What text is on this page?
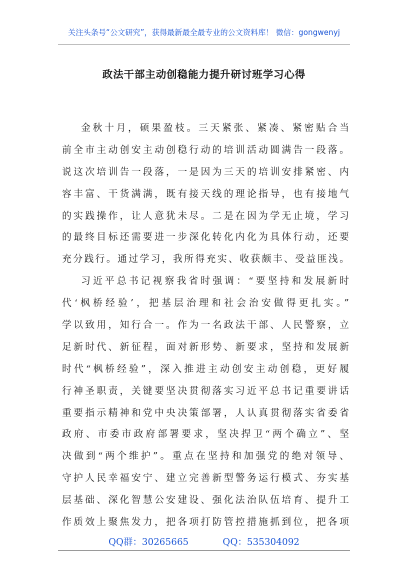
关注头条号“公文研究”，获得最新最全最专业的公文资料库！ 微信：gongwenyj
政法干部主动创稳能力提升研讨班学习心得
金秋十月，硕果盈枝。三天紧张、紧凑、紧密贴合当
前全市主动创安主动创稳行动的培训活动圆满告一段落。
说这次培训告一段落，一是因为三天的培训安排紧密、内
容丰富、干货满满，既有接天线的理论指导，也有接地气
的实践操作，让人意犹未尽。二是在因为学无止境，学习
的最终目标还需要进一步深化转化内化为具体行动，还要
充分践行。通过学习，我所得充实、收获颇丰、受益匪浅。
习近平总书记视察我省时强调：“要坚持和发展新时
代‘枫桥经验’，把基层治理和社会治安做得更扎实。”
学以致用，知行合一。作为一名政法干部、人民警察，立
足新时代、新征程，面对新形势、新要求，坚持和发展新
时代“枫桥经验”，深入推进主动创安主动创稳，更好履
行神圣职责，关键要坚决贯彻落实习近平总书记重要讲话
重要指示精神和党中央决策部署，人认真贯彻落实省委省
政府、市委市政府部署要求，坚决捍卫“两个确立”、坚
决做到“两个维护”。重点在坚持和加强党的绝对领导、
守护人民幸福安宁、建立完善新型警务运行模式、夯实基
层基础、深化智慧公安建设、强化法治队伍培育、提升工
作质效上聚焦发力，把各项打防管控措施抓到位，把各项
QQ群：30265665	QQ：535304092
